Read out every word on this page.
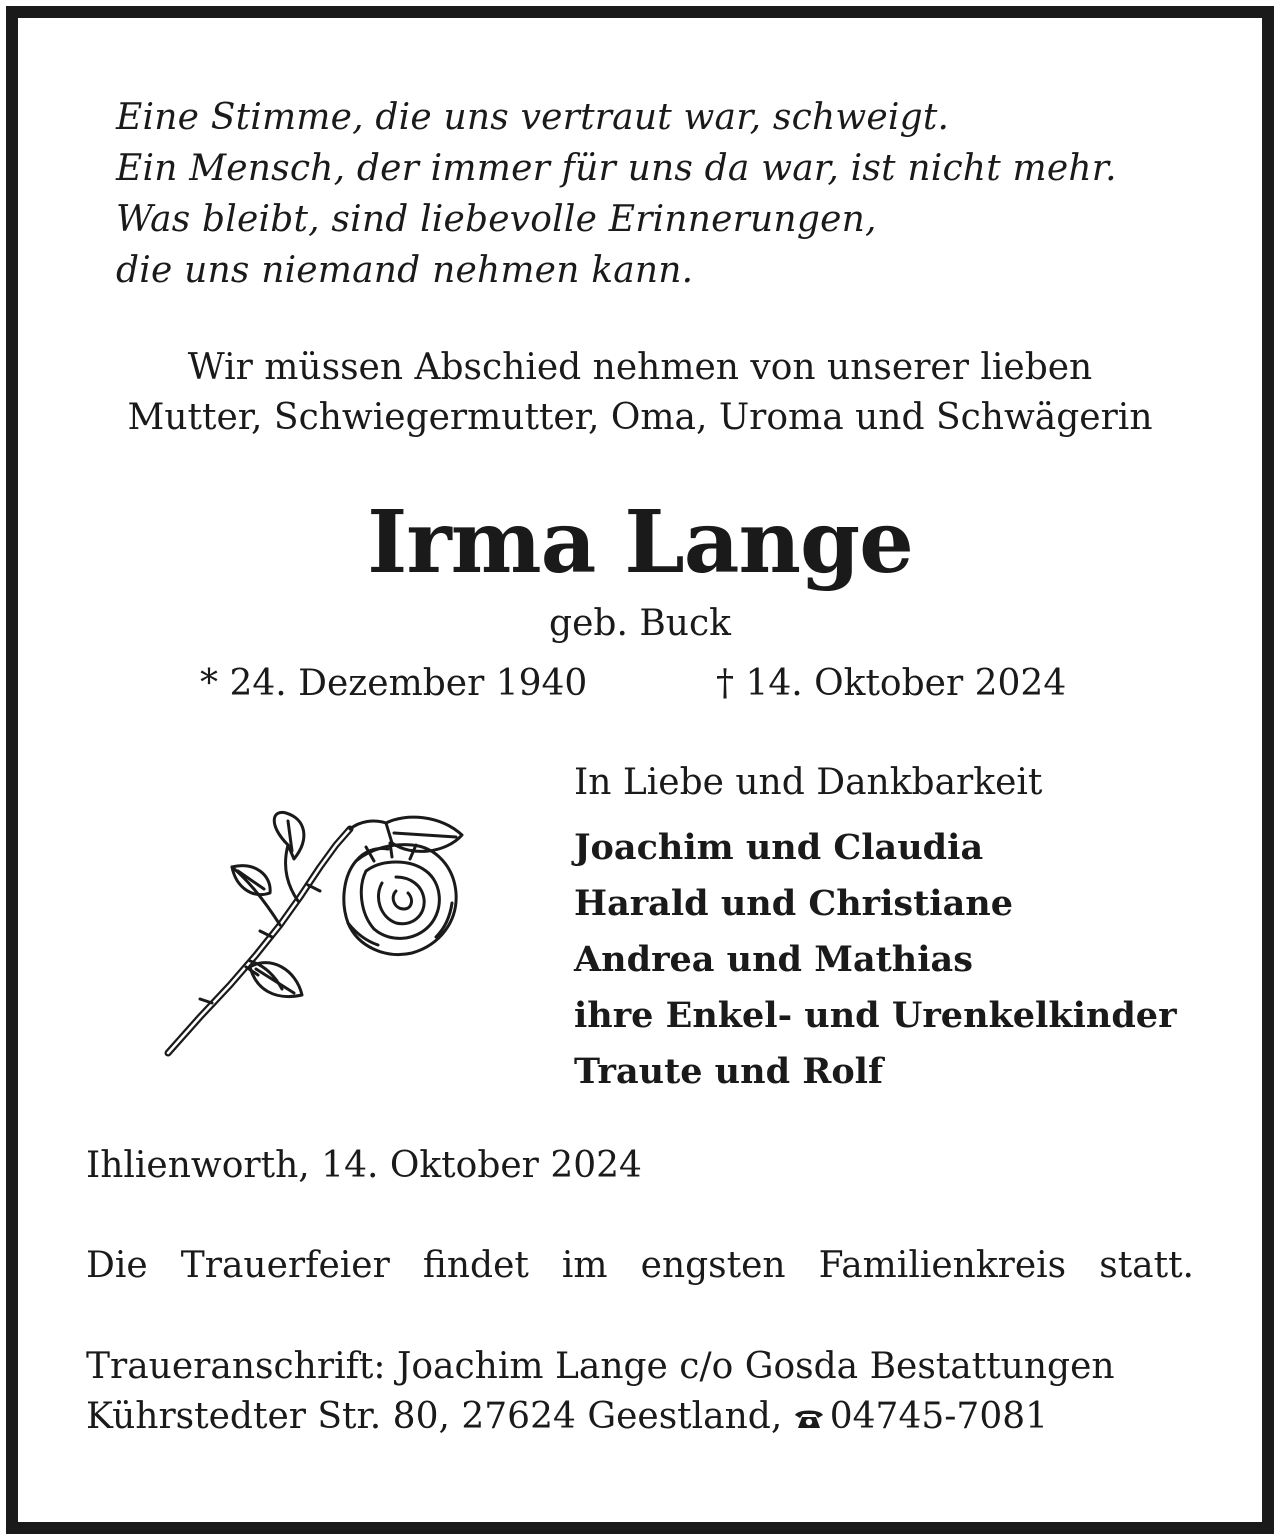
Eine Stimme, die uns vertraut war, schweigt.
Ein Mensch, der immer für uns da war, ist nicht mehr.
Was bleibt, sind liebevolle Erinnerungen,
die uns niemand nehmen kann.
Wir müssen Abschied nehmen von unserer lieben
Mutter, Schwiegermutter, Oma, Uroma und Schwägerin
Irma Lange
geb. Buck
* 24. Dezember 1940	† 14. Oktober 2024
In Liebe und Dankbarkeit
Joachim und Claudia
Harald und Christiane
Andrea und Mathias
ihre Enkel- und Urenkelkinder
Traute und Rolf
Ihlienworth, 14. Oktober 2024
Die Trauerfeier findet im engsten Familienkreis statt.
Traueranschrift: Joachim Lange c/o Gosda Bestattungen
Kührstedter Str. 80, 27624 Geestland, 04745-7081
